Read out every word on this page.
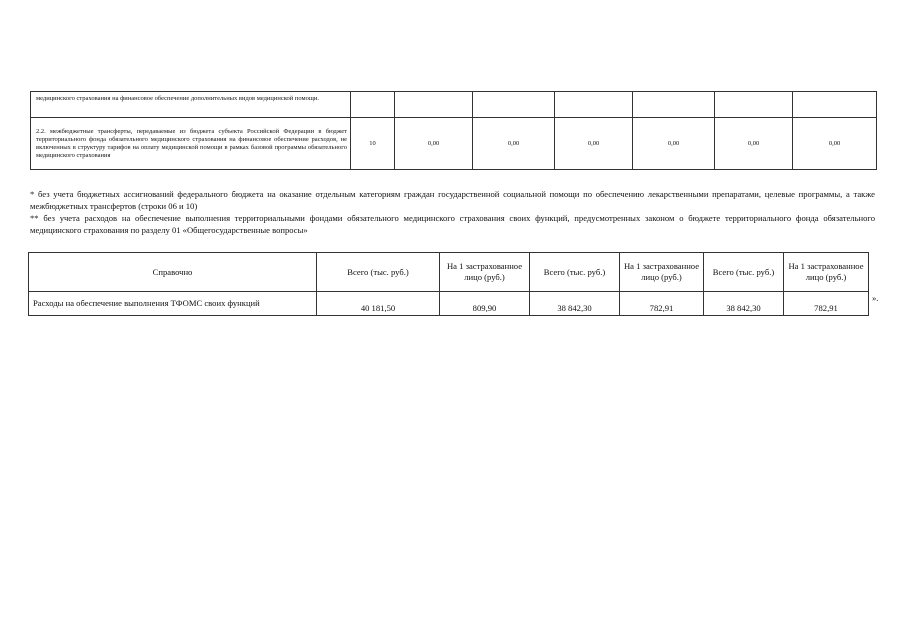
медицинского страхования на финансовое обеспечение дополнительных видов медицинской помощи.							
2.2. межбюджетные трансферты, передаваемые из бюджета субъекта Российской Федерации в бюджет территориального фонда обязательного медицинского страхования на финансовое обеспечение расходов, не включенных в структуру тарифов на оплату медицинской помощи в рамках базовой программы обязательного медицинского страхования	10	0,00	0,00	0,00	0,00	0,00	0,00

* без учета бюджетных ассигнований федерального бюджета на оказание отдельным категориям граждан государственной социальной помощи по обеспечению лекарственными препаратами, целевые программы, а также межбюджетных трансфертов (строки 06 и 10)

** без учета расходов на обеспечение выполнения территориальными фондами обязательного медицинского страхования своих функций, предусмотренных законом о бюджете территориального фонда обязательного медицинского страхования по разделу 01 «Общегосударственные вопросы»

Справочно	Всего (тыс. руб.)	На 1 застрахованное лицо (руб.)	Всего (тыс. руб.)	На 1 застрахованное лицо (руб.)	Всего (тыс. руб.)	На 1 застрахованное лицо (руб.)
Расходы на обеспечение выполнения ТФОМС своих функций	40 181,50	809,90	38 842,30	782,91	38 842,30	782,91
».
